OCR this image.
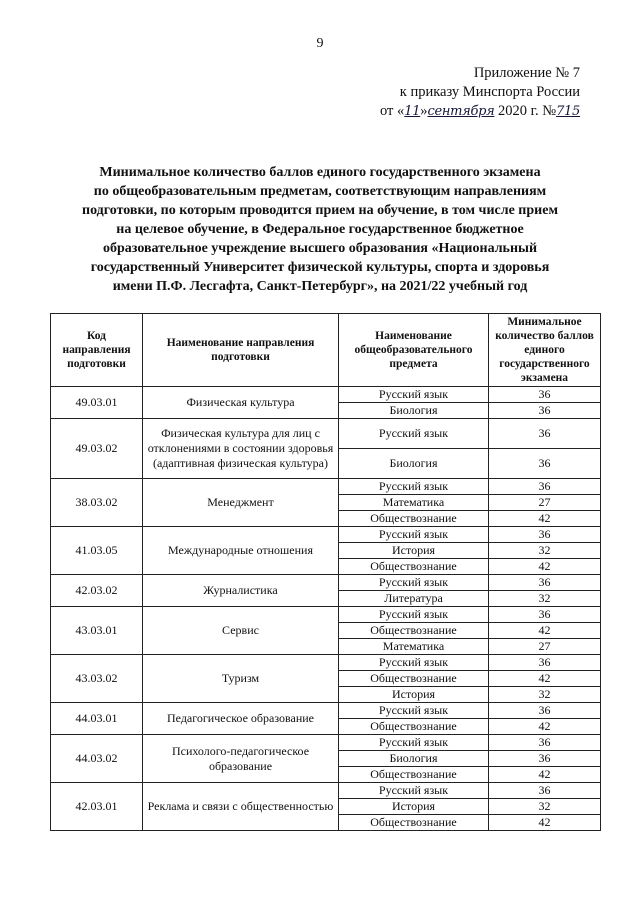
9
Приложение № 7
к приказу Минспорта России
от «11»сентября 2020 г. №715
Минимальное количество баллов единого государственного экзамена
по общеобразовательным предметам, соответствующим направлениям
подготовки, по которым проводится прием на обучение, в том числе прием
на целевое обучение, в Федеральное государственное бюджетное
образовательное учреждение высшего образования «Национальный
государственный Университет физической культуры, спорта и здоровья
имени П.Ф. Лесгафта, Санкт-Петербург», на 2021/22 учебный год
Код направления подготовки	Наименование направления подготовки	Наименование общеобразовательного предмета	Минимальное количество баллов единого государственного экзамена
49.03.01	Физическая культура	Русский язык	36
		Биология	36
49.03.02	Физическая культура для лиц с отклонениями в состоянии здоровья (адаптивная физическая культура)	Русский язык	36
		Биология	36
38.03.02	Менеджмент	Русский язык	36
		Математика	27
		Обществознание	42
41.03.05	Международные отношения	Русский язык	36
		История	32
		Обществознание	42
42.03.02	Журналистика	Русский язык	36
		Литература	32
43.03.01	Сервис	Русский язык	36
		Обществознание	42
		Математика	27
43.03.02	Туризм	Русский язык	36
		Обществознание	42
		История	32
44.03.01	Педагогическое образование	Русский язык	36
		Обществознание	42
44.03.02	Психолого-педагогическое образование	Русский язык	36
		Биология	36
		Обществознание	42
42.03.01	Реклама и связи с общественностью	Русский язык	36
		История	32
		Обществознание	42
